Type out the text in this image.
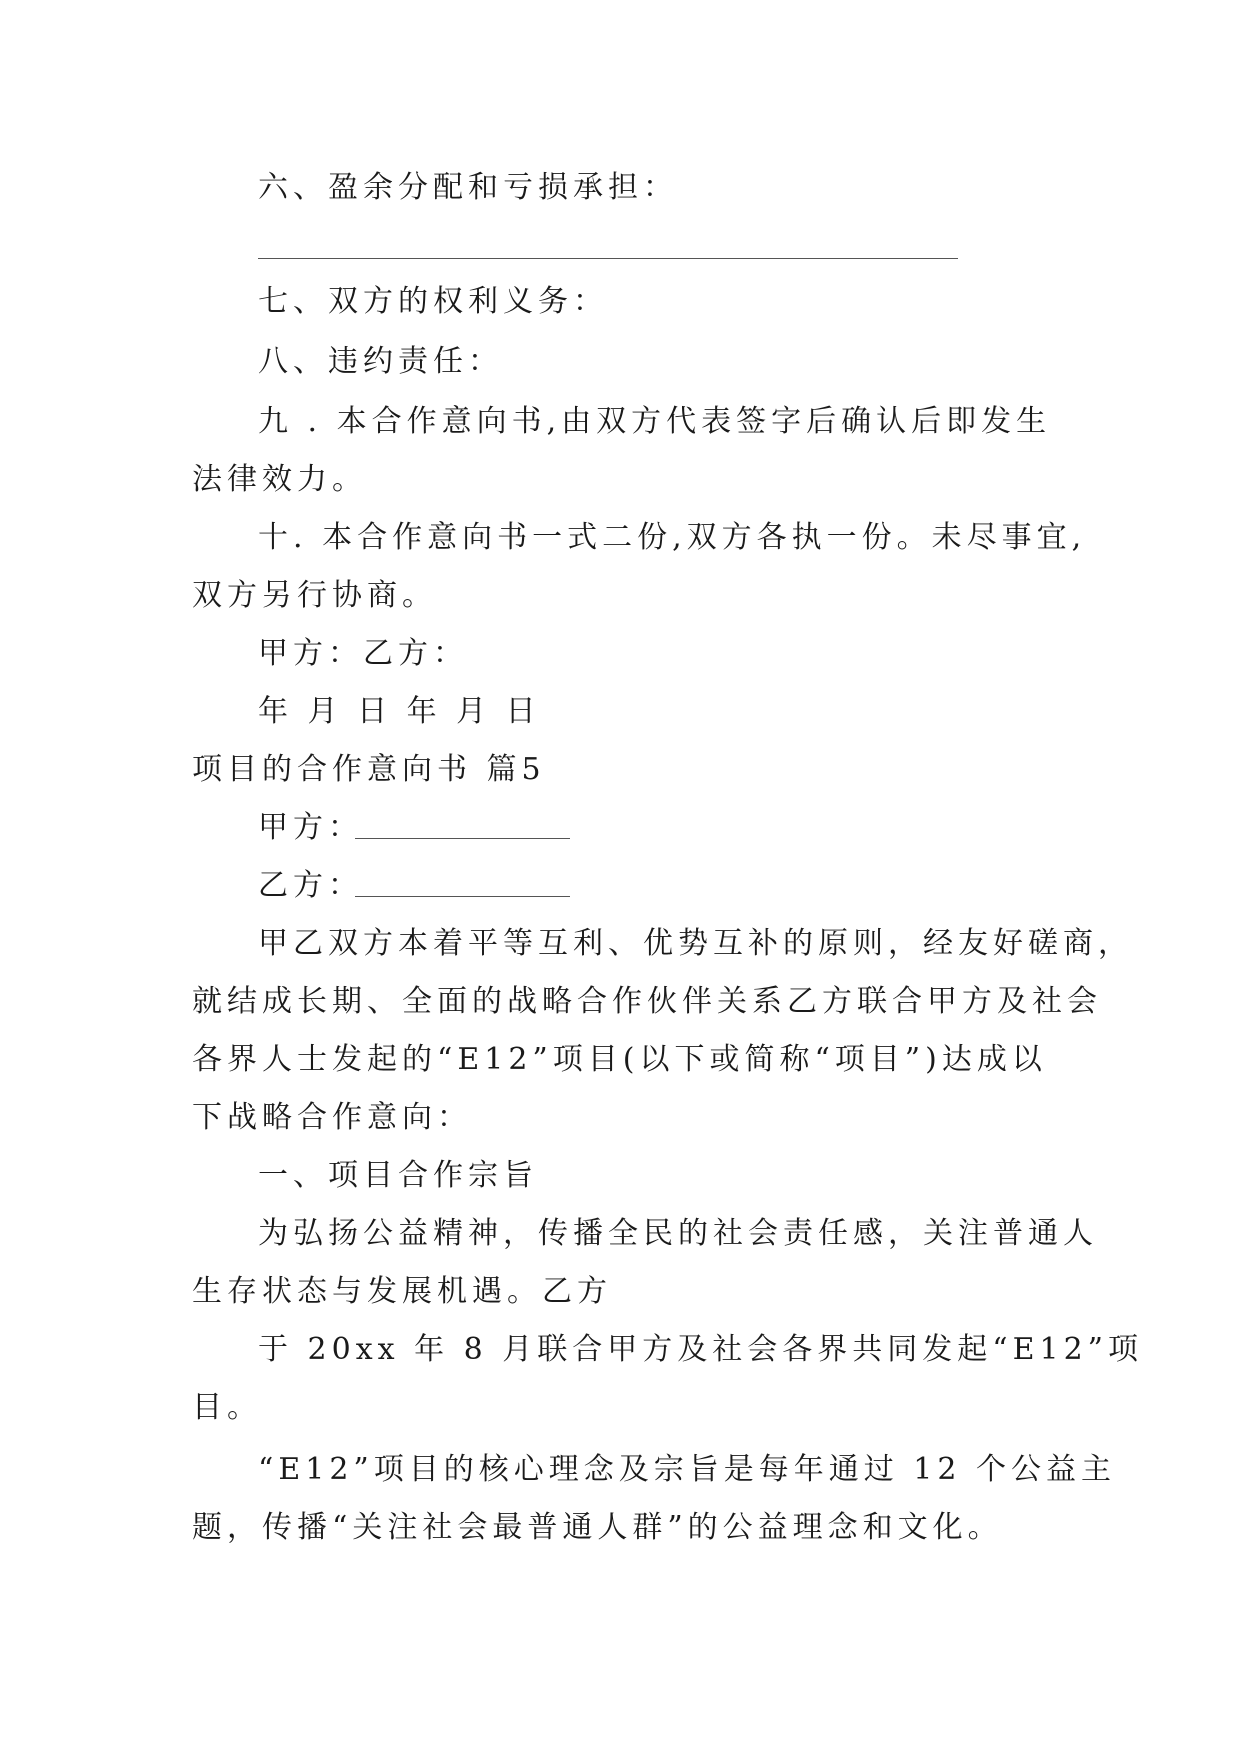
六、盈余分配和亏损承担：
七、双方的权利义务：
八、违约责任：
九 . 本合作意向书,由双方代表签字后确认后即发生
法律效力。
十. 本合作意向书一式二份,双方各执一份。未尽事宜,
双方另行协商。
甲方：乙方：
年 月 日 年 月 日
项目的合作意向书 篇5
甲方：
乙方：
甲乙双方本着平等互利、优势互补的原则，经友好磋商，
就结成长期、全面的战略合作伙伴关系乙方联合甲方及社会
各界人士发起的“E12”项目(以下或简称“项目”)达成以
下战略合作意向：
一、项目合作宗旨
为弘扬公益精神，传播全民的社会责任感，关注普通人
生存状态与发展机遇。乙方
于 20xx 年 8 月联合甲方及社会各界共同发起“E12”项
目。
“E12”项目的核心理念及宗旨是每年通过 12 个公益主
题，传播“关注社会最普通人群”的公益理念和文化。
